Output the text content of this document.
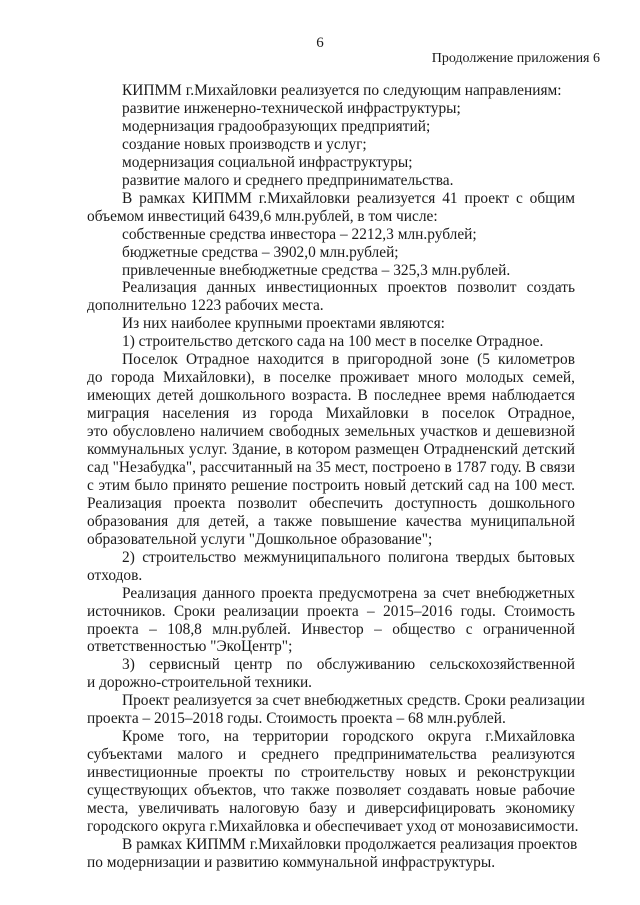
6
Продолжение приложения 6
КИПММ г.Михайловки реализуется по следующим направлениям:
развитие инженерно-технической инфраструктуры;
модернизация градообразующих предприятий;
создание новых производств и услуг;
модернизация социальной инфраструктуры;
развитие малого и среднего предпринимательства.
В рамках КИПММ г.Михайловки реализуется 41 проект с общим
объемом инвестиций 6439,6 млн.рублей, в том числе:
собственные средства инвестора – 2212,3 млн.рублей;
бюджетные средства – 3902,0 млн.рублей;
привлеченные внебюджетные средства – 325,3 млн.рублей.
Реализация данных инвестиционных проектов позволит создать
дополнительно 1223 рабочих места.
Из них наиболее крупными проектами являются:
1) строительство детского сада на 100 мест в поселке Отрадное.
Поселок Отрадное находится в пригородной зоне (5 километров
до города Михайловки), в поселке проживает много молодых семей,
имеющих детей дошкольного возраста. В последнее время наблюдается
миграция населения из города Михайловки в поселок Отрадное,
это обусловлено наличием свободных земельных участков и дешевизной
коммунальных услуг. Здание, в котором размещен Отрадненский детский
сад "Незабудка", рассчитанный на 35 мест, построено в 1787 году. В связи
с этим было принято решение построить новый детский сад на 100 мест.
Реализация проекта позволит обеспечить доступность дошкольного
образования для детей, а также повышение качества муниципальной
образовательной услуги "Дошкольное образование";
2) строительство межмуниципального полигона твердых бытовых
отходов.
Реализация данного проекта предусмотрена за счет внебюджетных
источников. Сроки реализации проекта – 2015–2016 годы. Стоимость
проекта – 108,8 млн.рублей. Инвестор – общество с ограниченной
ответственностью "ЭкоЦентр";
3) сервисный центр по обслуживанию сельскохозяйственной
и дорожно-строительной техники.
Проект реализуется за счет внебюджетных средств. Сроки реализации
проекта – 2015–2018 годы. Стоимость проекта – 68 млн.рублей.
Кроме того, на территории городского округа г.Михайловка
субъектами малого и среднего предпринимательства реализуются
инвестиционные проекты по строительству новых и реконструкции
существующих объектов, что также позволяет создавать новые рабочие
места, увеличивать налоговую базу и диверсифицировать экономику
городского округа г.Михайловка и обеспечивает уход от монозависимости.
В рамках КИПММ г.Михайловки продолжается реализация проектов
по модернизации и развитию коммунальной инфраструктуры.
